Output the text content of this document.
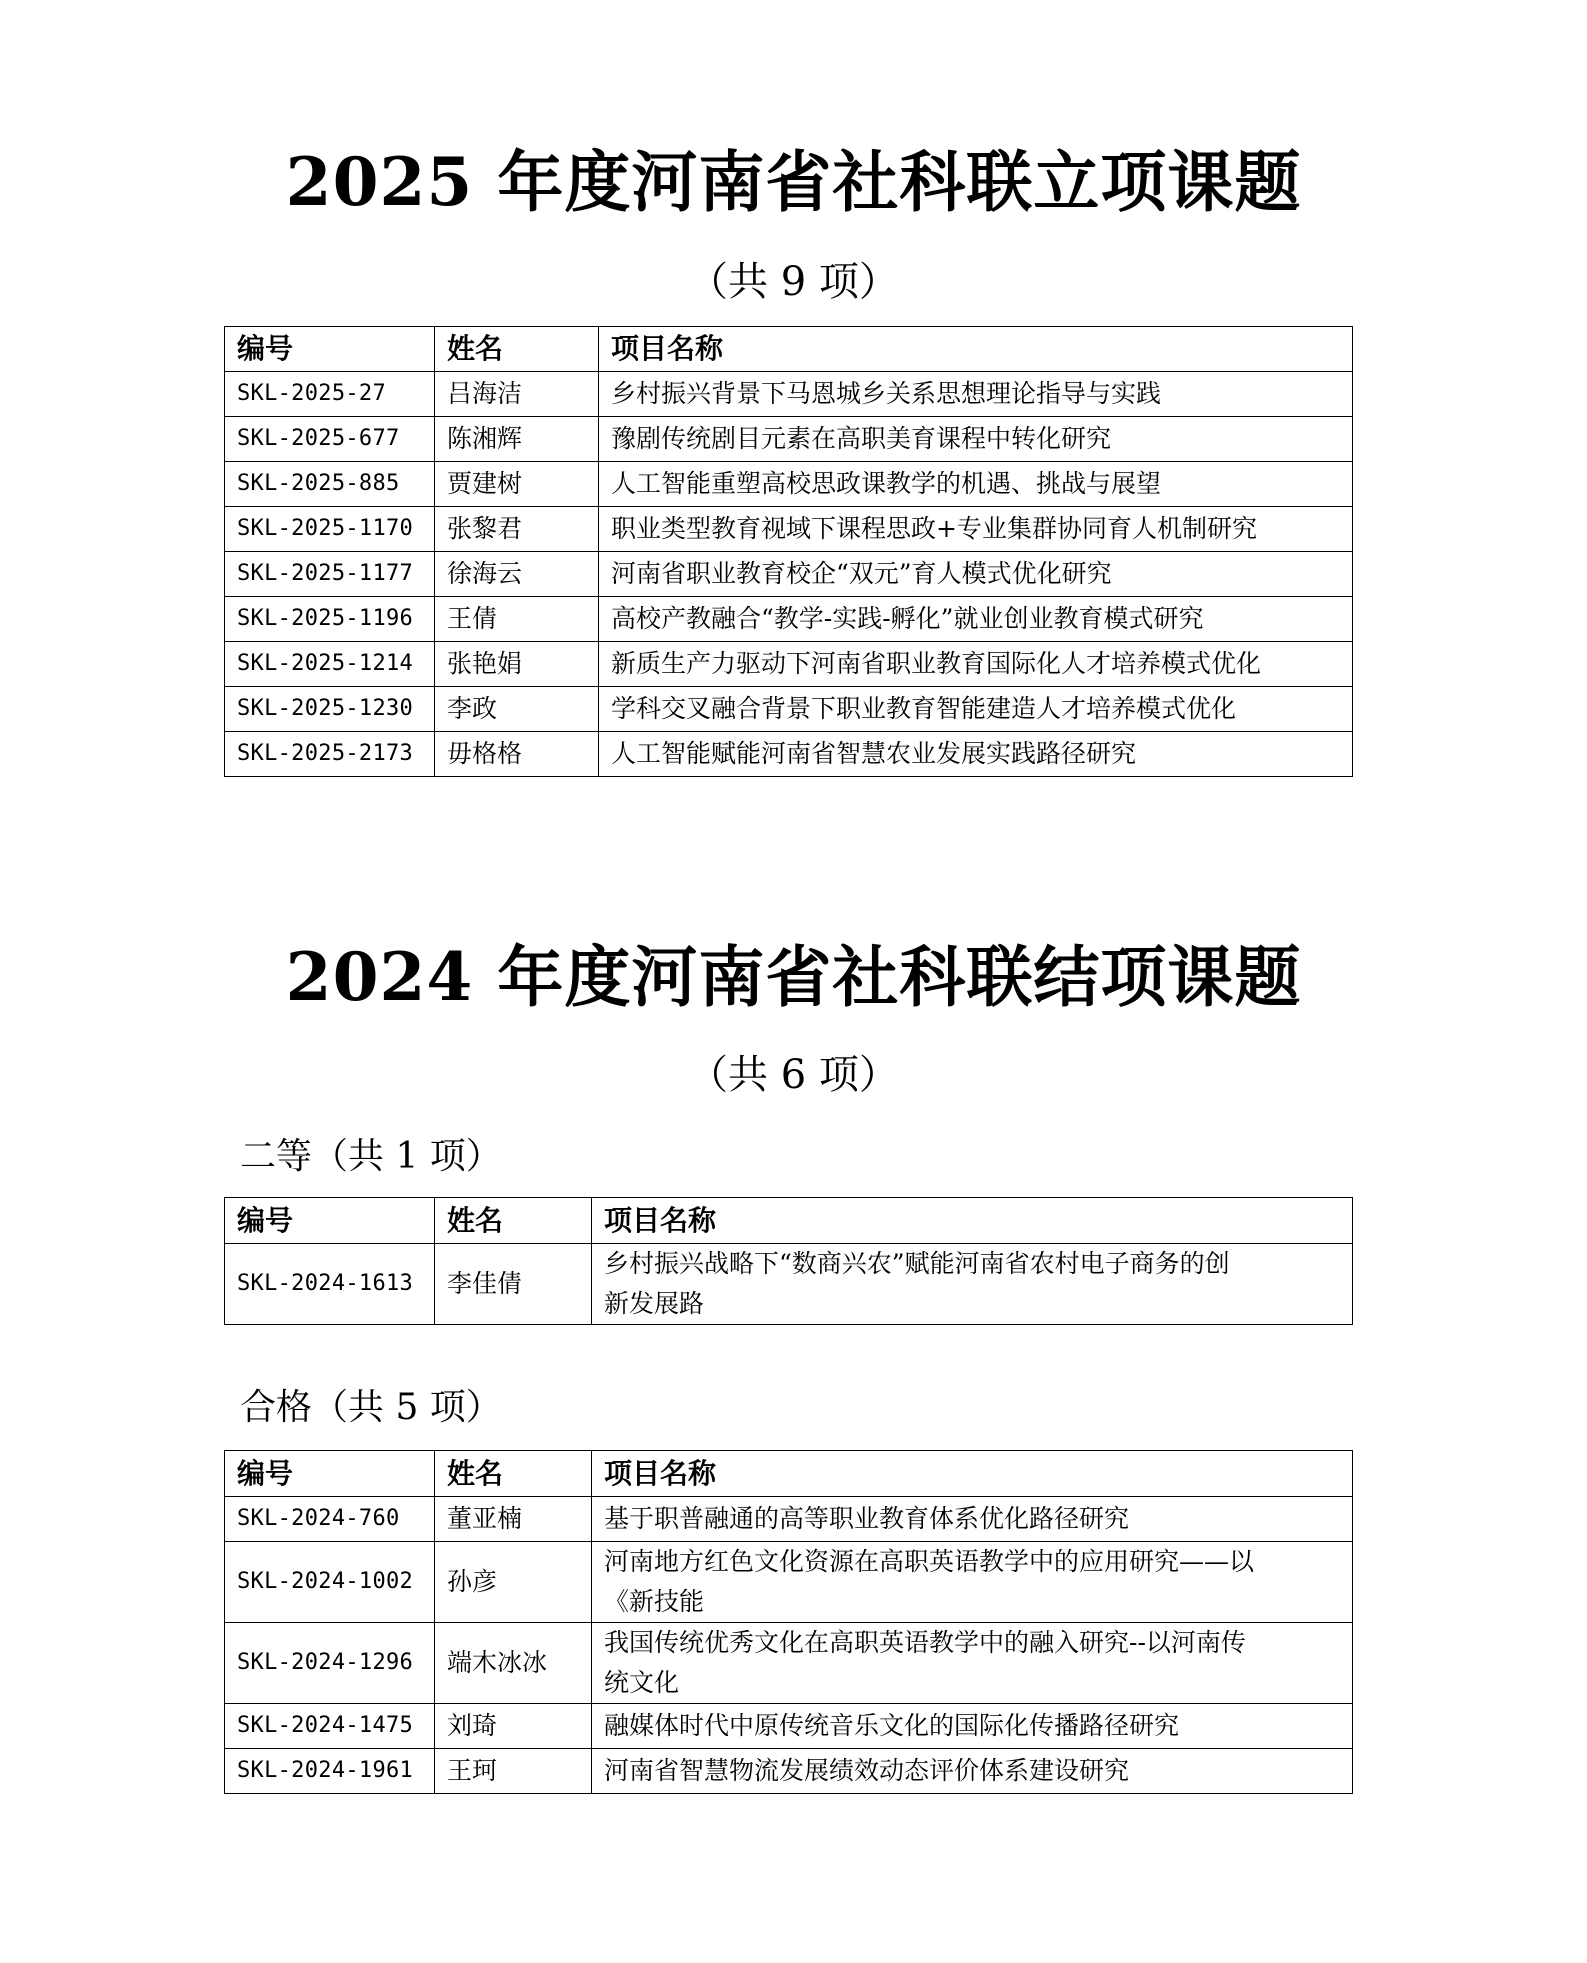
2025 年度河南省社科联立项课题
（共 9 项）
编号	姓名	项目名称
SKL-2025-27	吕海洁	乡村振兴背景下马恩城乡关系思想理论指导与实践
SKL-2025-677	陈湘辉	豫剧传统剧目元素在高职美育课程中转化研究
SKL-2025-885	贾建树	人工智能重塑高校思政课教学的机遇、挑战与展望
SKL-2025-1170	张黎君	职业类型教育视域下课程思政+专业集群协同育人机制研究
SKL-2025-1177	徐海云	河南省职业教育校企“双元”育人模式优化研究
SKL-2025-1196	王倩	高校产教融合“教学-实践-孵化”就业创业教育模式研究
SKL-2025-1214	张艳娟	新质生产力驱动下河南省职业教育国际化人才培养模式优化
SKL-2025-1230	李政	学科交叉融合背景下职业教育智能建造人才培养模式优化
SKL-2025-2173	毋格格	人工智能赋能河南省智慧农业发展实践路径研究
2024 年度河南省社科联结项课题
（共 6 项）
二等（共 1 项）
编号	姓名	项目名称
SKL-2024-1613	李佳倩	乡村振兴战略下“数商兴农”赋能河南省农村电子商务的创
新发展路
合格（共 5 项）
编号	姓名	项目名称
SKL-2024-760	董亚楠	基于职普融通的高等职业教育体系优化路径研究
SKL-2024-1002	孙彦	河南地方红色文化资源在高职英语教学中的应用研究——以
《新技能

SKL-2024-1296	端木冰冰	我国传统优秀文化在高职英语教学中的融入研究--以河南传
统文化

SKL-2024-1475	刘琦	融媒体时代中原传统音乐文化的国际化传播路径研究
SKL-2024-1961	王珂	河南省智慧物流发展绩效动态评价体系建设研究
